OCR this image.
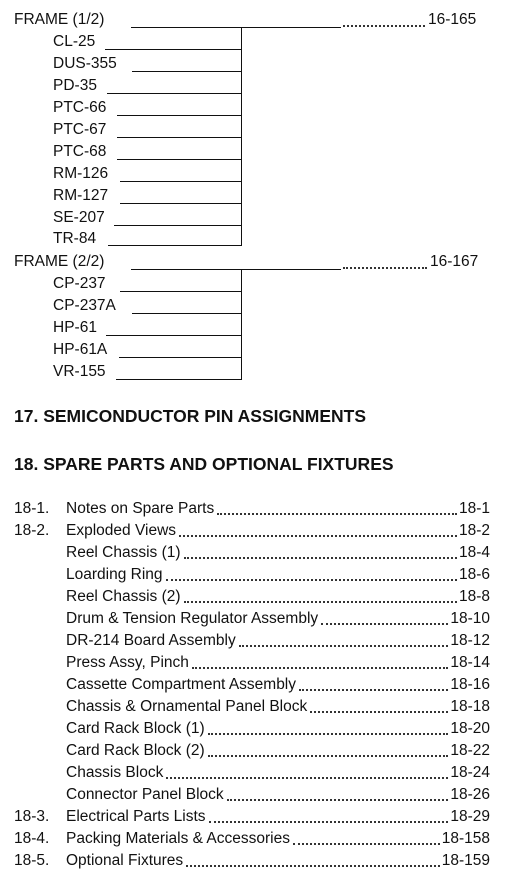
FRAME (1/2)	16-165
CL-25
DUS-355
PD-35
PTC-66
PTC-67
PTC-68
RM-126
RM-127
SE-207
TR-84
FRAME (2/2)	16-167
CP-237
CP-237A
HP-61
HP-61A
VR-155
17. SEMICONDUCTOR PIN ASSIGNMENTS
18. SPARE PARTS AND OPTIONAL FIXTURES
18-1. Notes on Spare Parts	18-1
18-2. Exploded Views	18-2
Reel Chassis (1)	18-4
Loarding Ring	18-6
Reel Chassis (2)	18-8
Drum & Tension Regulator Assembly	18-10
DR-214 Board Assembly	18-12
Press Assy, Pinch	18-14
Cassette Compartment Assembly	18-16
Chassis & Ornamental Panel Block	18-18
Card Rack Block (1)	18-20
Card Rack Block (2)	18-22
Chassis Block	18-24
Connector Panel Block	18-26
18-3. Electrical Parts Lists	18-29
18-4. Packing Materials & Accessories	18-158
18-5. Optional Fixtures	18-159
